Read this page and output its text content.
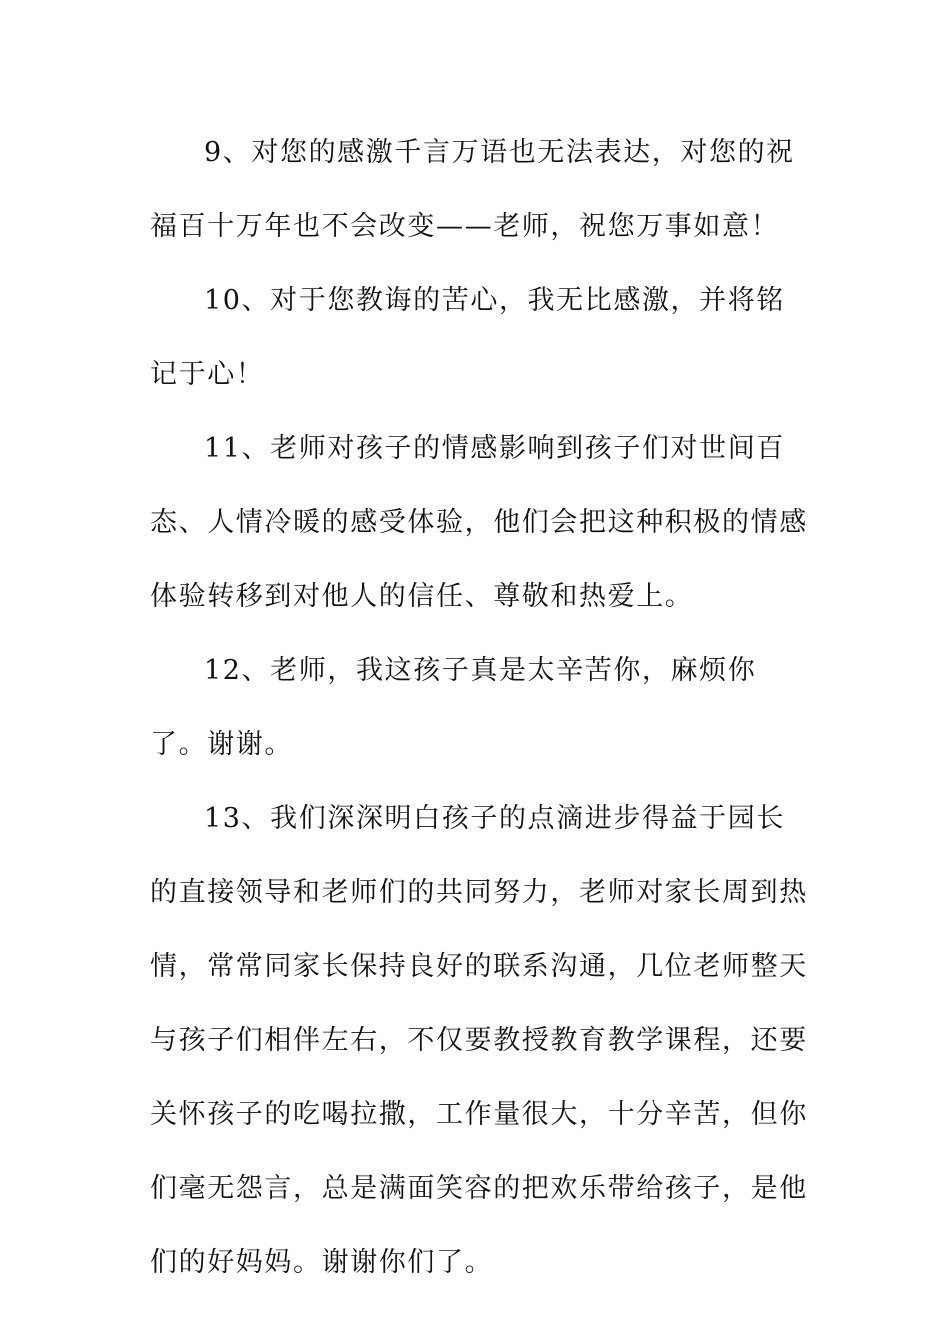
9、对您的感激千言万语也无法表达，对您的祝福百十万年也不会改变——老师，祝您万事如意！

10、对于您教诲的苦心，我无比感激，并将铭记于心！

11、老师对孩子的情感影响到孩子们对世间百态、人情冷暖的感受体验，他们会把这种积极的情感体验转移到对他人的信任、尊敬和热爱上。

12、老师，我这孩子真是太辛苦你，麻烦你了。谢谢。

13、我们深深明白孩子的点滴进步得益于园长的直接领导和老师们的共同努力，老师对家长周到热情，常常同家长保持良好的联系沟通，几位老师整天与孩子们相伴左右，不仅要教授教育教学课程，还要关怀孩子的吃喝拉撒，工作量很大，十分辛苦，但你们毫无怨言，总是满面笑容的把欢乐带给孩子，是他们的好妈妈。谢谢你们了。
